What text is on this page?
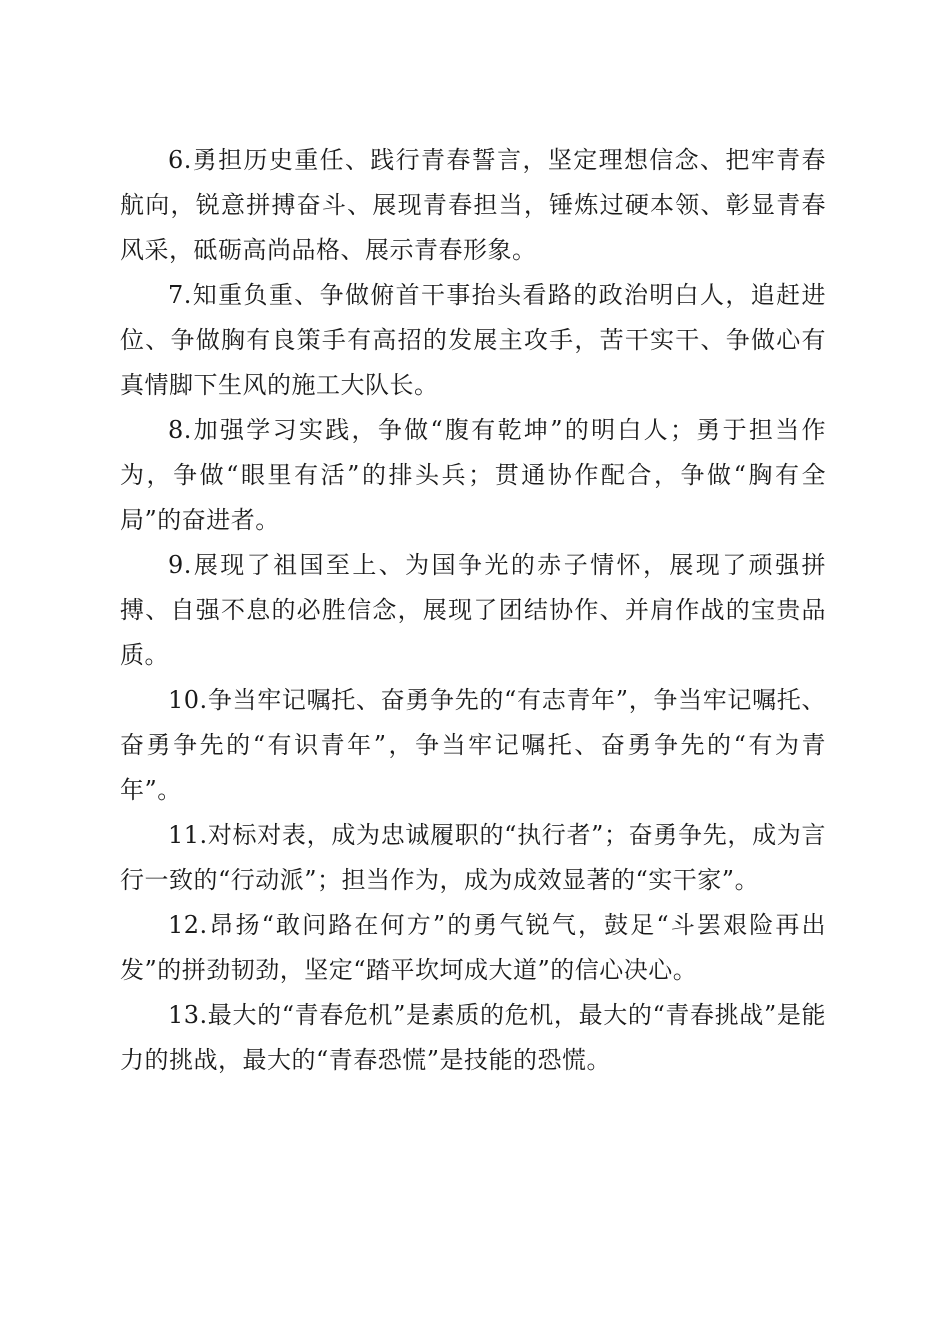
6.勇担历史重任、践行青春誓言，坚定理想信念、把牢青春航向，锐意拼搏奋斗、展现青春担当，锤炼过硬本领、彰显青春风采，砥砺高尚品格、展示青春形象。

7.知重负重、争做俯首干事抬头看路的政治明白人，追赶进位、争做胸有良策手有高招的发展主攻手，苦干实干、争做心有真情脚下生风的施工大队长。

8.加强学习实践，争做“腹有乾坤”的明白人；勇于担当作为，争做“眼里有活”的排头兵；贯通协作配合，争做“胸有全局”的奋进者。

9.展现了祖国至上、为国争光的赤子情怀，展现了顽强拼搏、自强不息的必胜信念，展现了团结协作、并肩作战的宝贵品质。

10.争当牢记嘱托、奋勇争先的“有志青年”，争当牢记嘱托、奋勇争先的“有识青年”，争当牢记嘱托、奋勇争先的“有为青年”。

11.对标对表，成为忠诚履职的“执行者”；奋勇争先，成为言行一致的“行动派”；担当作为，成为成效显著的“实干家”。

12.昂扬“敢问路在何方”的勇气锐气，鼓足“斗罢艰险再出发”的拼劲韧劲，坚定“踏平坎坷成大道”的信心决心。

13.最大的“青春危机”是素质的危机，最大的“青春挑战”是能力的挑战，最大的“青春恐慌”是技能的恐慌。
